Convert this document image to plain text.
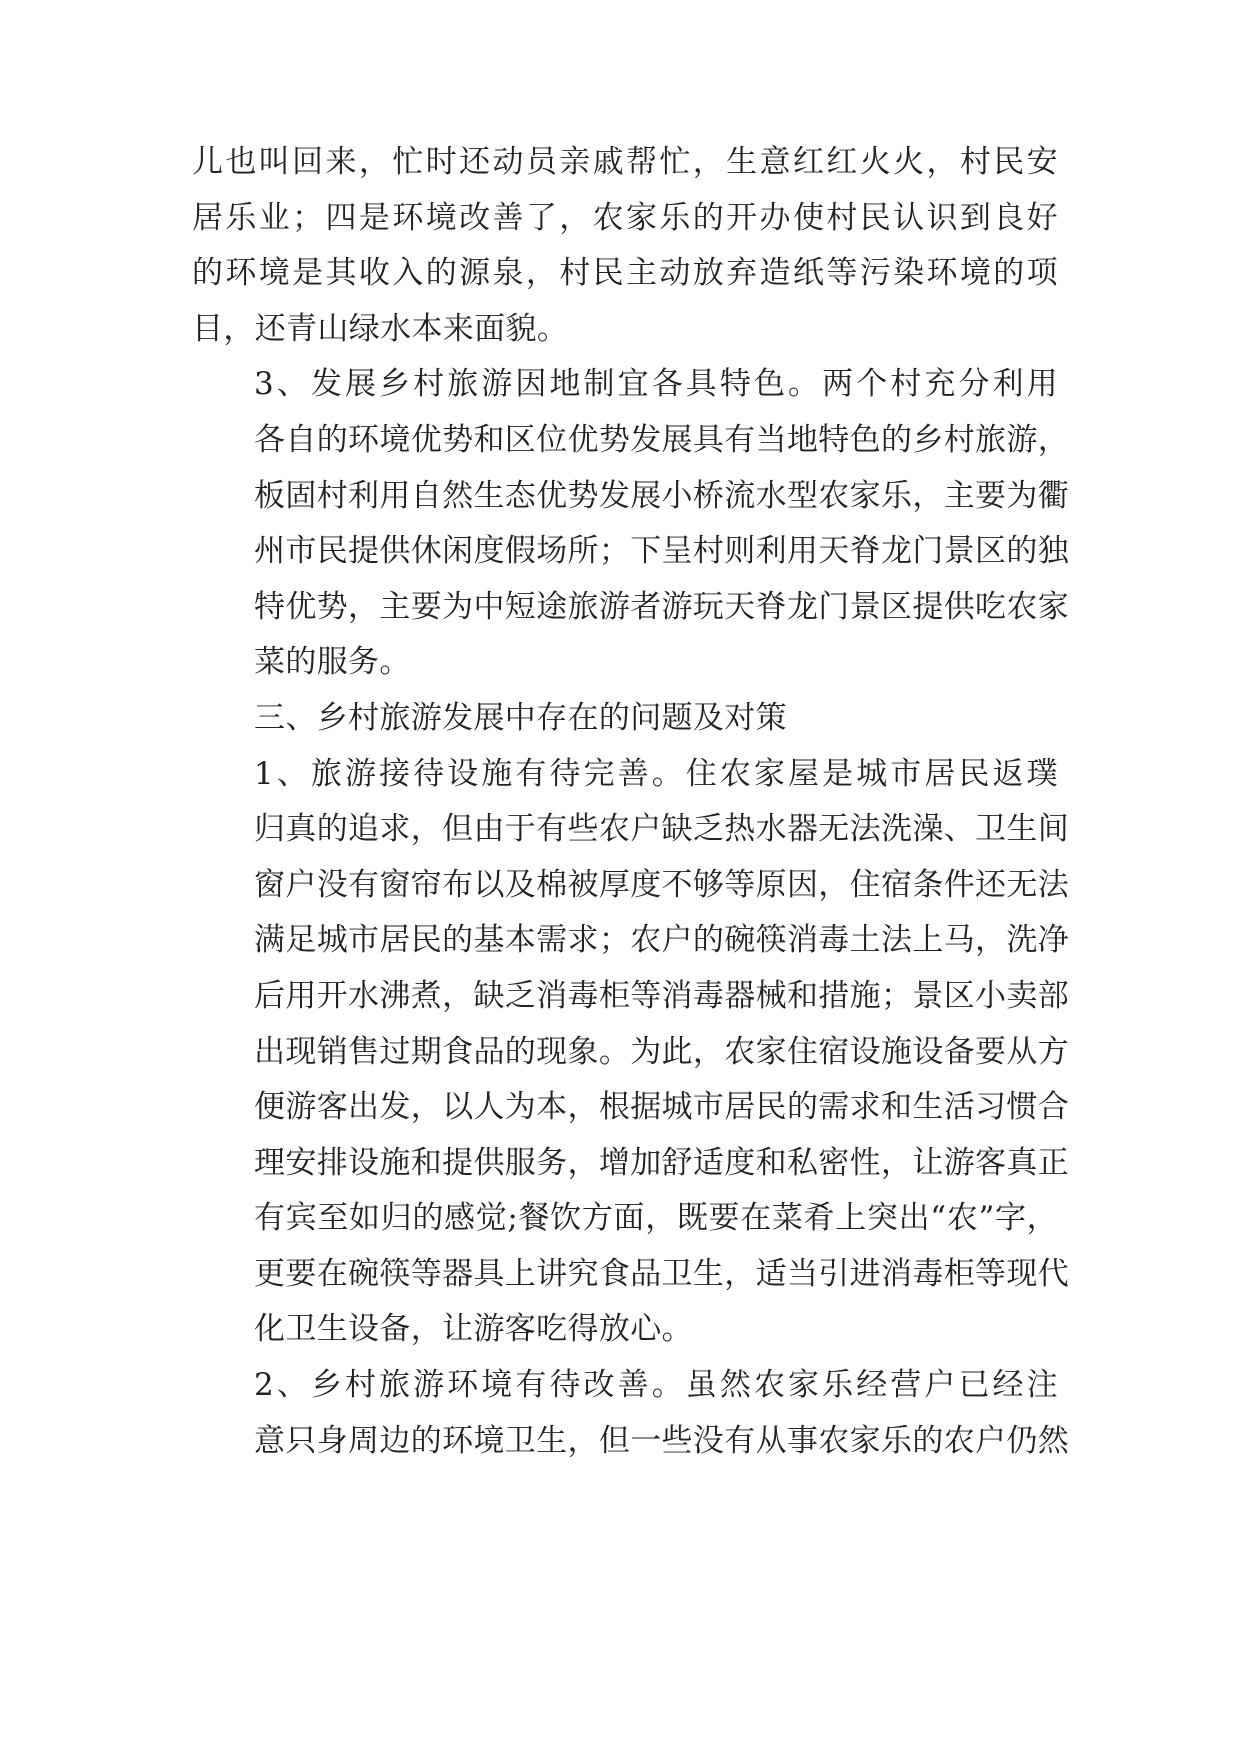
儿也叫回来，忙时还动员亲戚帮忙，生意红红火火，村民安
居乐业；四是环境改善了，农家乐的开办使村民认识到良好
的环境是其收入的源泉，村民主动放弃造纸等污染环境的项
目，还青山绿水本来面貌。
3、发展乡村旅游因地制宜各具特色。两个村充分利用
各自的环境优势和区位优势发展具有当地特色的乡村旅游，
板固村利用自然生态优势发展小桥流水型农家乐，主要为衢
州市民提供休闲度假场所；下呈村则利用天脊龙门景区的独
特优势，主要为中短途旅游者游玩天脊龙门景区提供吃农家
菜的服务。
三、乡村旅游发展中存在的问题及对策
1、旅游接待设施有待完善。住农家屋是城市居民返璞
归真的追求，但由于有些农户缺乏热水器无法洗澡、卫生间
窗户没有窗帘布以及棉被厚度不够等原因，住宿条件还无法
满足城市居民的基本需求；农户的碗筷消毒土法上马，洗净
后用开水沸煮，缺乏消毒柜等消毒器械和措施；景区小卖部
出现销售过期食品的现象。为此，农家住宿设施设备要从方
便游客出发，以人为本，根据城市居民的需求和生活习惯合
理安排设施和提供服务，增加舒适度和私密性，让游客真正
有宾至如归的感觉;餐饮方面，既要在菜肴上突出“农”字，
更要在碗筷等器具上讲究食品卫生，适当引进消毒柜等现代
化卫生设备，让游客吃得放心。
2、乡村旅游环境有待改善。虽然农家乐经营户已经注
意只身周边的环境卫生，但一些没有从事农家乐的农户仍然
